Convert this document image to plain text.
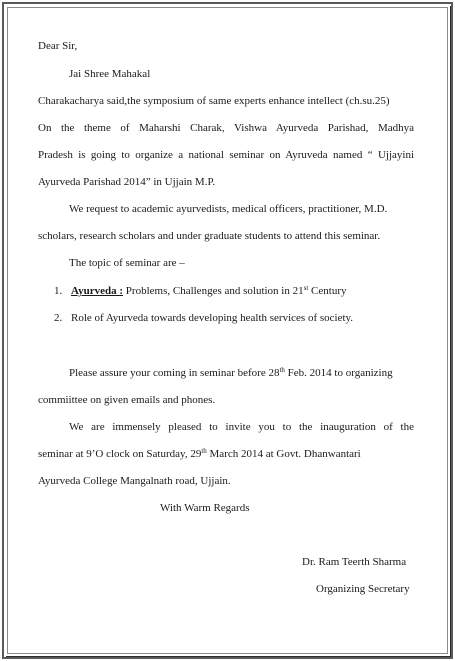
Dear Sir,
Jai Shree Mahakal
Charakacharya said,the symposium of same experts enhance intellect (ch.su.25)
On the theme of Maharshi Charak, Vishwa Ayurveda Parishad, Madhya
Pradesh is going to organize a national seminar on Ayruveda named “ Ujjayini
Ayurveda Parishad 2014” in Ujjain M.P.
We request to academic ayurvedists, medical officers, practitioner, M.D.
scholars, research scholars and under graduate students to attend this seminar.
The topic of seminar are –
1. Ayurveda : Problems, Challenges and solution in 21st Century
2. Role of Ayurveda towards developing health services of society.
Please assure your coming in seminar before 28th Feb. 2014 to organizing
commiittee on given emails and phones.
We are immensely pleased to invite you to the inauguration of the
seminar at 9’O clock on Saturday, 29th March 2014 at Govt. Dhanwantari
Ayurveda College Mangalnath road, Ujjain.
With Warm Regards
Dr. Ram Teerth Sharma
Organizing Secretary
